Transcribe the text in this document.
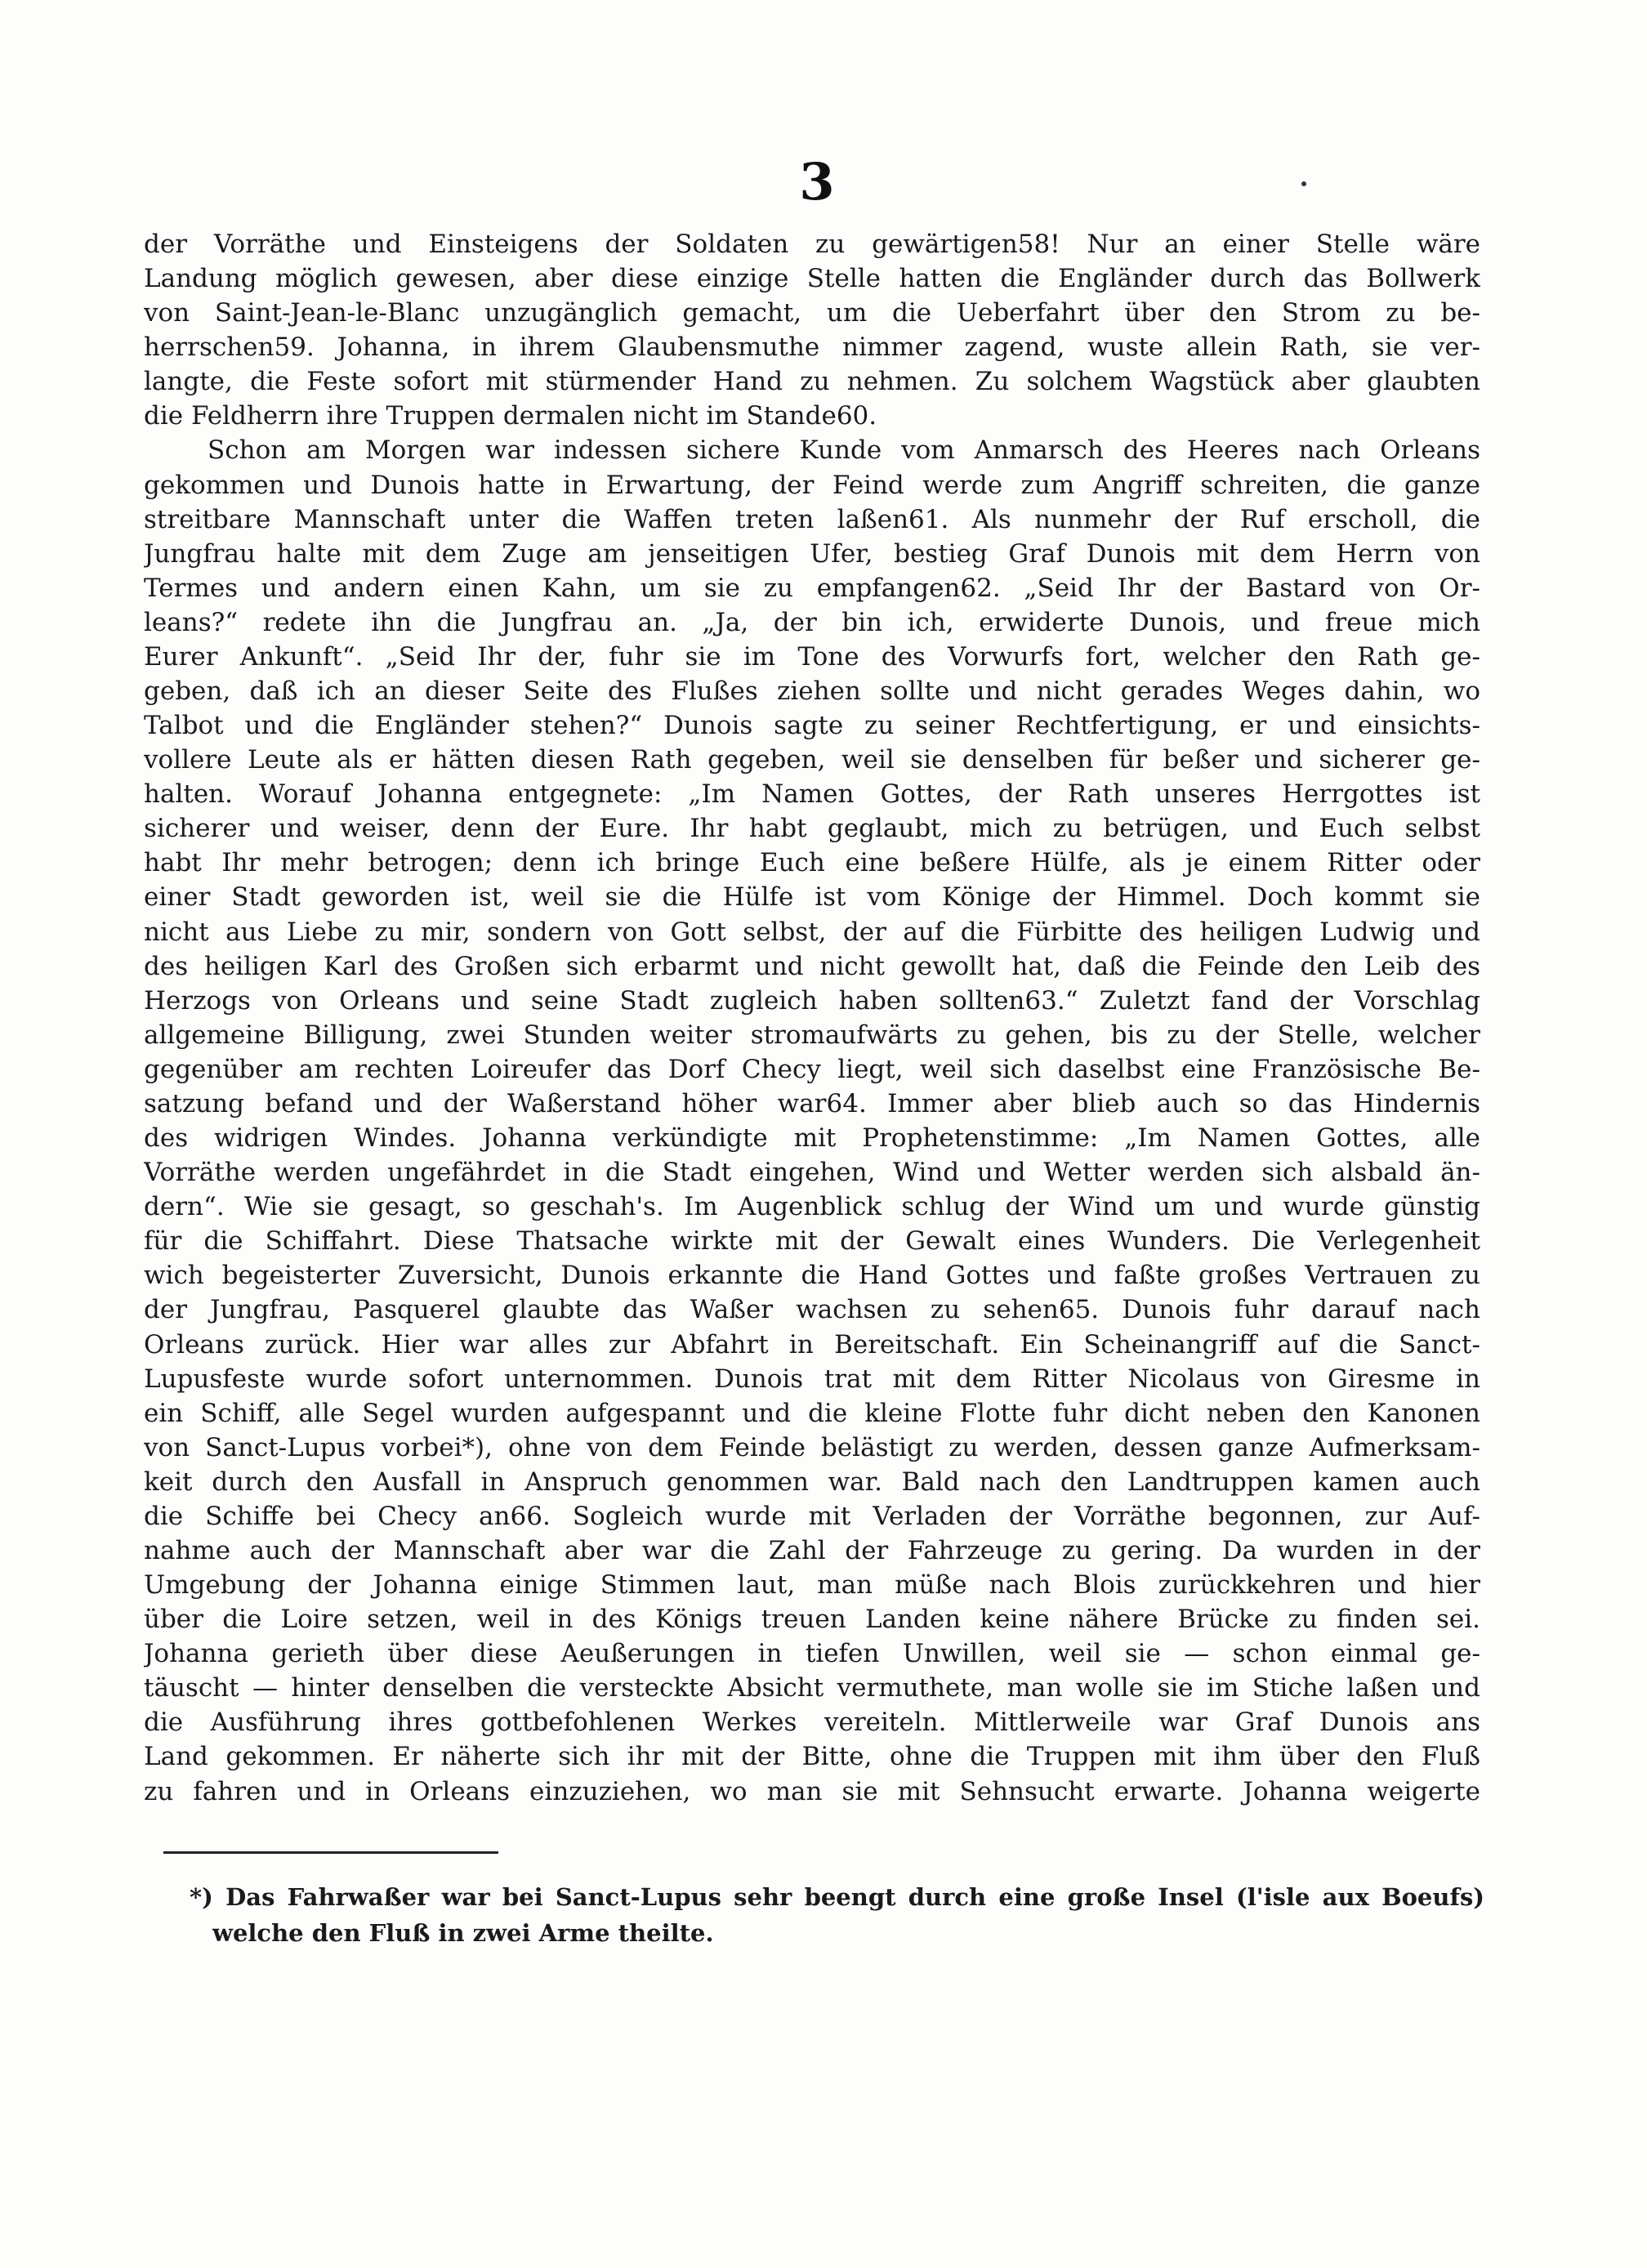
3
der Vorräthe und Einsteigens der Soldaten zu gewärtigen58! Nur an einer Stelle wäre
Landung möglich gewesen, aber diese einzige Stelle hatten die Engländer durch das Bollwerk
von Saint-Jean-le-Blanc unzugänglich gemacht, um die Ueberfahrt über den Strom zu be-
herrschen59. Johanna, in ihrem Glaubensmuthe nimmer zagend, wuste allein Rath, sie ver-
langte, die Feste sofort mit stürmender Hand zu nehmen. Zu solchem Wagstück aber glaubten
die Feldherrn ihre Truppen dermalen nicht im Stande60.
Schon am Morgen war indessen sichere Kunde vom Anmarsch des Heeres nach Orleans
gekommen und Dunois hatte in Erwartung, der Feind werde zum Angriff schreiten, die ganze
streitbare Mannschaft unter die Waffen treten laßen61. Als nunmehr der Ruf erscholl, die
Jungfrau halte mit dem Zuge am jenseitigen Ufer, bestieg Graf Dunois mit dem Herrn von
Termes und andern einen Kahn, um sie zu empfangen62. „Seid Ihr der Bastard von Or-
leans?“ redete ihn die Jungfrau an. „Ja, der bin ich, erwiderte Dunois, und freue mich
Eurer Ankunft“. „Seid Ihr der, fuhr sie im Tone des Vorwurfs fort, welcher den Rath ge-
geben, daß ich an dieser Seite des Flußes ziehen sollte und nicht gerades Weges dahin, wo
Talbot und die Engländer stehen?“ Dunois sagte zu seiner Rechtfertigung, er und einsichts-
vollere Leute als er hätten diesen Rath gegeben, weil sie denselben für beßer und sicherer ge-
halten. Worauf Johanna entgegnete: „Im Namen Gottes, der Rath unseres Herrgottes ist
sicherer und weiser, denn der Eure. Ihr habt geglaubt, mich zu betrügen, und Euch selbst
habt Ihr mehr betrogen; denn ich bringe Euch eine beßere Hülfe, als je einem Ritter oder
einer Stadt geworden ist, weil sie die Hülfe ist vom Könige der Himmel. Doch kommt sie
nicht aus Liebe zu mir, sondern von Gott selbst, der auf die Fürbitte des heiligen Ludwig und
des heiligen Karl des Großen sich erbarmt und nicht gewollt hat, daß die Feinde den Leib des
Herzogs von Orleans und seine Stadt zugleich haben sollten63.“ Zuletzt fand der Vorschlag
allgemeine Billigung, zwei Stunden weiter stromaufwärts zu gehen, bis zu der Stelle, welcher
gegenüber am rechten Loireufer das Dorf Checy liegt, weil sich daselbst eine Französische Be-
satzung befand und der Waßerstand höher war64. Immer aber blieb auch so das Hindernis
des widrigen Windes. Johanna verkündigte mit Prophetenstimme: „Im Namen Gottes, alle
Vorräthe werden ungefährdet in die Stadt eingehen, Wind und Wetter werden sich alsbald än-
dern“. Wie sie gesagt, so geschah's. Im Augenblick schlug der Wind um und wurde günstig
für die Schiffahrt. Diese Thatsache wirkte mit der Gewalt eines Wunders. Die Verlegenheit
wich begeisterter Zuversicht, Dunois erkannte die Hand Gottes und faßte großes Vertrauen zu
der Jungfrau, Pasquerel glaubte das Waßer wachsen zu sehen65. Dunois fuhr darauf nach
Orleans zurück. Hier war alles zur Abfahrt in Bereitschaft. Ein Scheinangriff auf die Sanct-
Lupusfeste wurde sofort unternommen. Dunois trat mit dem Ritter Nicolaus von Giresme in
ein Schiff, alle Segel wurden aufgespannt und die kleine Flotte fuhr dicht neben den Kanonen
von Sanct-Lupus vorbei*), ohne von dem Feinde belästigt zu werden, dessen ganze Aufmerksam-
keit durch den Ausfall in Anspruch genommen war. Bald nach den Landtruppen kamen auch
die Schiffe bei Checy an66. Sogleich wurde mit Verladen der Vorräthe begonnen, zur Auf-
nahme auch der Mannschaft aber war die Zahl der Fahrzeuge zu gering. Da wurden in der
Umgebung der Johanna einige Stimmen laut, man müße nach Blois zurückkehren und hier
über die Loire setzen, weil in des Königs treuen Landen keine nähere Brücke zu finden sei.
Johanna gerieth über diese Aeußerungen in tiefen Unwillen, weil sie — schon einmal ge-
täuscht — hinter denselben die versteckte Absicht vermuthete, man wolle sie im Stiche laßen und
die Ausführung ihres gottbefohlenen Werkes vereiteln. Mittlerweile war Graf Dunois ans
Land gekommen. Er näherte sich ihr mit der Bitte, ohne die Truppen mit ihm über den Fluß
zu fahren und in Orleans einzuziehen, wo man sie mit Sehnsucht erwarte. Johanna weigerte
*) Das Fahrwaßer war bei Sanct-Lupus sehr beengt durch eine große Insel (l'isle aux Boeufs)
welche den Fluß in zwei Arme theilte.
